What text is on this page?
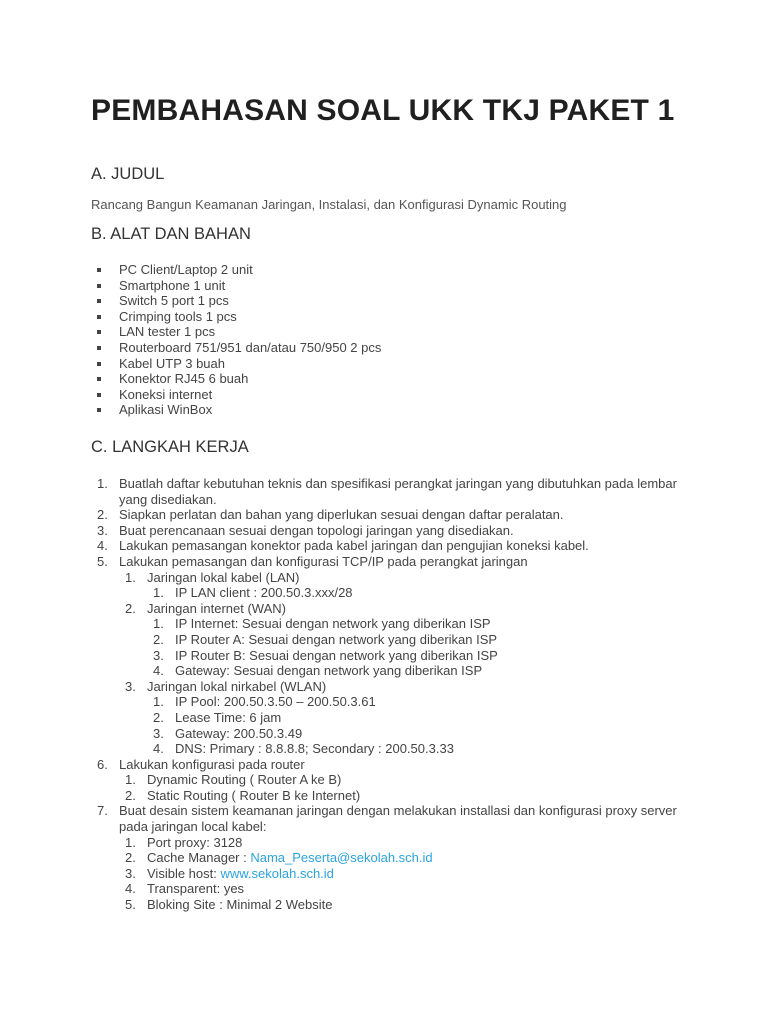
PEMBAHASAN SOAL UKK TKJ PAKET 1
A. JUDUL

Rancang Bangun Keamanan Jaringan, Instalasi, dan Konfigurasi Dynamic Routing

B. ALAT DAN BAHAN
PC Client/Laptop 2 unit
Smartphone 1 unit
Switch 5 port 1 pcs
Crimping tools 1 pcs
LAN tester 1 pcs
Routerboard 751/951 dan/atau 750/950 2 pcs
Kabel UTP 3 buah
Konektor RJ45 6 buah
Koneksi internet
Aplikasi WinBox
C. LANGKAH KERJA
1. Buatlah daftar kebutuhan teknis dan spesifikasi perangkat jaringan yang dibutuhkan pada lembar yang disediakan.
2. Siapkan perlatan dan bahan yang diperlukan sesuai dengan daftar peralatan.
3. Buat perencanaan sesuai dengan topologi jaringan yang disediakan.
4. Lakukan pemasangan konektor pada kabel jaringan dan pengujian koneksi kabel.
5. Lakukan pemasangan dan konfigurasi TCP/IP pada perangkat jaringan
1. Jaringan lokal kabel (LAN)
1. IP LAN client : 200.50.3.xxx/28
2. Jaringan internet (WAN)
1. IP Internet: Sesuai dengan network yang diberikan ISP
2. IP Router A: Sesuai dengan network yang diberikan ISP
3. IP Router B: Sesuai dengan network yang diberikan ISP
4. Gateway: Sesuai dengan network yang diberikan ISP
3. Jaringan lokal nirkabel (WLAN)
1. IP Pool: 200.50.3.50 – 200.50.3.61
2. Lease Time: 6 jam
3. Gateway: 200.50.3.49
4. DNS: Primary : 8.8.8.8; Secondary : 200.50.3.33
6. Lakukan konfigurasi pada router
1. Dynamic Routing ( Router A ke B)
2. Static Routing ( Router B ke Internet)
7. Buat desain sistem keamanan jaringan dengan melakukan installasi dan konfigurasi proxy server pada jaringan local kabel:
1. Port proxy: 3128
2. Cache Manager : Nama_Peserta@sekolah.sch.id
3. Visible host: www.sekolah.sch.id
4. Transparent: yes
5. Bloking Site : Minimal 2 Website
